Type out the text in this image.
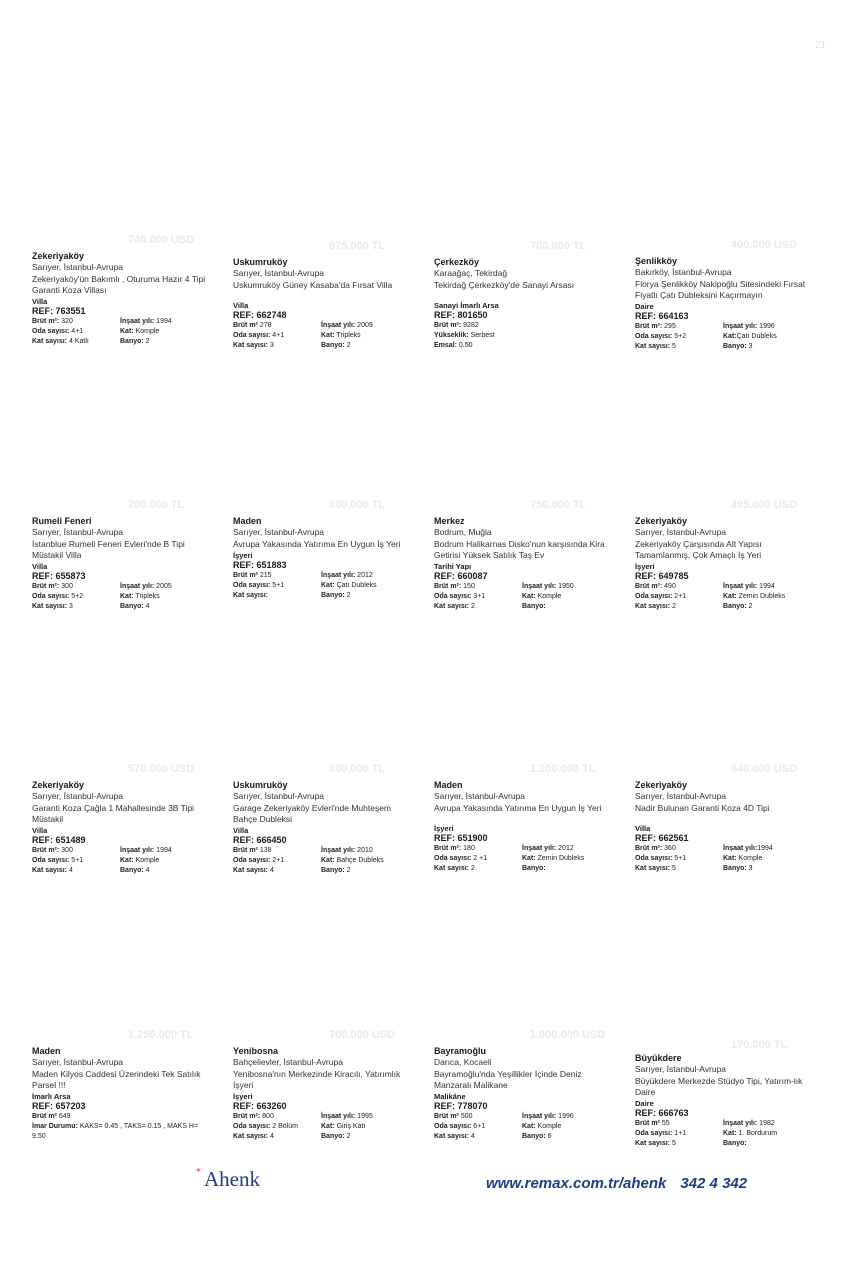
21
740.000 USD
Zekeriyaköy
Sarıyer, İstanbul-Avrupa
Zekeriyaköy'ün Bakımlı , Oturuma Hazır 4 Tipi Garanti Koza Villası
Villa
REF: 763551
Brüt m²: 320	İnşaat yılı: 1994
Oda sayısı: 4+1	Kat: Komple
Kat sayısı: 4 Katlı	Banyo: 2
675.000 TL
Uskumruköy
Sarıyer, İstanbul-Avrupa
Uskumruköy Güney Kasaba'da Fırsat Villa
Villa
REF: 662748
Brüt m² 278	İnşaat yılı: 2009
Oda sayısı: 4+1	Kat: Tripleks
Kat sayısı: 3	Banyo: 2
700.000 TL
Çerkezköy
Karaağaç, Tekirdağ
Tekirdağ Çerkezköy'de Sanayi Arsası
Sanayi İmarlı Arsa
REF: 801650
Brüt m²: 9282
Yükseklik: Serbest
Emsal: 0.50
400.000 USD
Şenlikköy
Bakırköy, İstanbul-Avrupa
Florya Şenlikköy Nakipoğlu Sitesindeki Fırsat Fiyatlı Çatı Dubleksini Kaçırmayın
Daire
REF: 664163
Brüt m²: 295	İnşaat yılı: 1996
Oda sayısı: 5+2	Kat:Çatı Dubleks
Kat sayısı: 5	Banyo: 3
780.000 TL
Rumeli Feneri
Sarıyer, İstanbul-Avrupa
İstanblue Rumeli Feneri Evleri'nde B Tipi Müstakil Villa
Villa
REF: 655873
Brüt m²: 300	İnşaat yılı: 2005
Oda sayısı: 5+2	Kat: Tripleks
Kat sayısı: 3	Banyo: 4
800.000 TL
Maden
Sarıyer, İstanbul-Avrupa
Avrupa Yakasında Yatırıma En Uygun İş Yeri
İşyeri
REF: 651883
Brüt m² 215	İnşaat yılı: 2012
Oda sayısı: 5+1	Kat: Çatı Dubleks
Kat sayısı:	Banyo: 2
750.000 TL
Merkez
Bodrum, Muğla
Bodrum Halikarnas Disko'nun karşısında Kira Getirisi Yüksek Satılık Taş Ev
Tarihi Yapı
REF: 660087
Brüt m²: 150	İnşaat yılı: 1950
Oda sayısı: 3+1	Kat: Komple
Kat sayısı: 2	Banyo:
495.000 USD
Zekeriyaköy
Sarıyer, İstanbul-Avrupa
Zekeriyaköy Çarşısında Alt Yapısı Tamamlanmış, Çok Amaçlı İş Yeri
İşyeri
REF: 649785
Brüt m²: 490	İnşaat yılı: 1994
Oda sayısı: 2+1	Kat: Zemin Dubleks
Kat sayısı: 2	Banyo: 2
570.000 USD
Zekeriyaköy
Sarıyer, İstanbul-Avrupa
Garanti Koza Çağla 1 Mahallesinde 3B Tipi Müstakil
Villa
REF: 651489
Brüt m²: 300	İnşaat yılı: 1994
Oda sayısı: 5+1	Kat: Komple
Kat sayısı: 4	Banyo: 4
800.000 TL
Uskumruköy
Sarıyer, İstanbul-Avrupa
Garage Zekeriyaköy Evleri'nde Muhteşem Bahçe Dubleksi
Villa
REF: 666450
Brüt m² 138	İnşaat yılı: 2010
Oda sayısı: 2+1	Kat: Bahçe Dubleks
Kat sayısı: 4	Banyo: 2
1.100.000 TL
Maden
Sarıyer, İstanbul-Avrupa
Avrupa Yakasında Yatırıma En Uygun İş Yeri
İşyeri
REF: 651900
Brüt m²: 180	İnşaat yılı: 2012
Oda sayısı: 2 +1	Kat: Zemin Dubleks
Kat sayısı: 2	Banyo:
640.000 USD
Zekeriyaköy
Sarıyer, İstanbul-Avrupa
Nadir Bulunan Garanti Koza 4D Tipi
Villa
REF: 662561
Brüt m²: 360	İnşaat yılı:1994
Oda sayısı: 5+1	Kat: Komple
Kat sayısı: 5	Banyo: 3
1.250.000 TL
Maden
Sarıyer, İstanbul-Avrupa
Maden Kilyos Caddesi Üzerindeki Tek Satılık Parsel !!!
İmarlı Arsa
REF: 657203
Brüt m² 649
İmar Durumu: KAKS= 0.45 , TAKS= 0.15 , MAKS H= 9.50
700.000 USD
Yenibosna
Bahçelievler, İstanbul-Avrupa
Yenibosna'nın Merkezinde Kiracılı, Yatırımlık İşyeri
İşyeri
REF: 663260
Brüt m²: 800	İnşaat yılı: 1995
Oda sayısı: 2 Bölüm	Kat: Giriş Katı
Kat sayısı: 4	Banyo: 2
1.000.000 USD
Bayramoğlu
Darıca, Kocaeli
Bayramoğlu'nda Yeşillikler İçinde Deniz Manzaralı Malikane
Malikâne
REF: 778070
Brüt m² 500	İnşaat yılı: 1996
Oda sayısı: 6+1	Kat: Komple
Kat sayısı: 4	Banyo: 6
170.000 TL
Büyükdere
Sarıyer, İstanbul-Avrupa
Büyükdere Merkezde Stüdyo Tipi, Yatırım-lık Daire
Daire
REF: 666763
Brüt m² 55	İnşaat yılı: 1982
Oda sayısı: 1+1	Kat: 1. Bordurum
Kat sayısı: 5	Banyo:
* Ahenk	www.remax.com.tr/ahenk 342 4 342
